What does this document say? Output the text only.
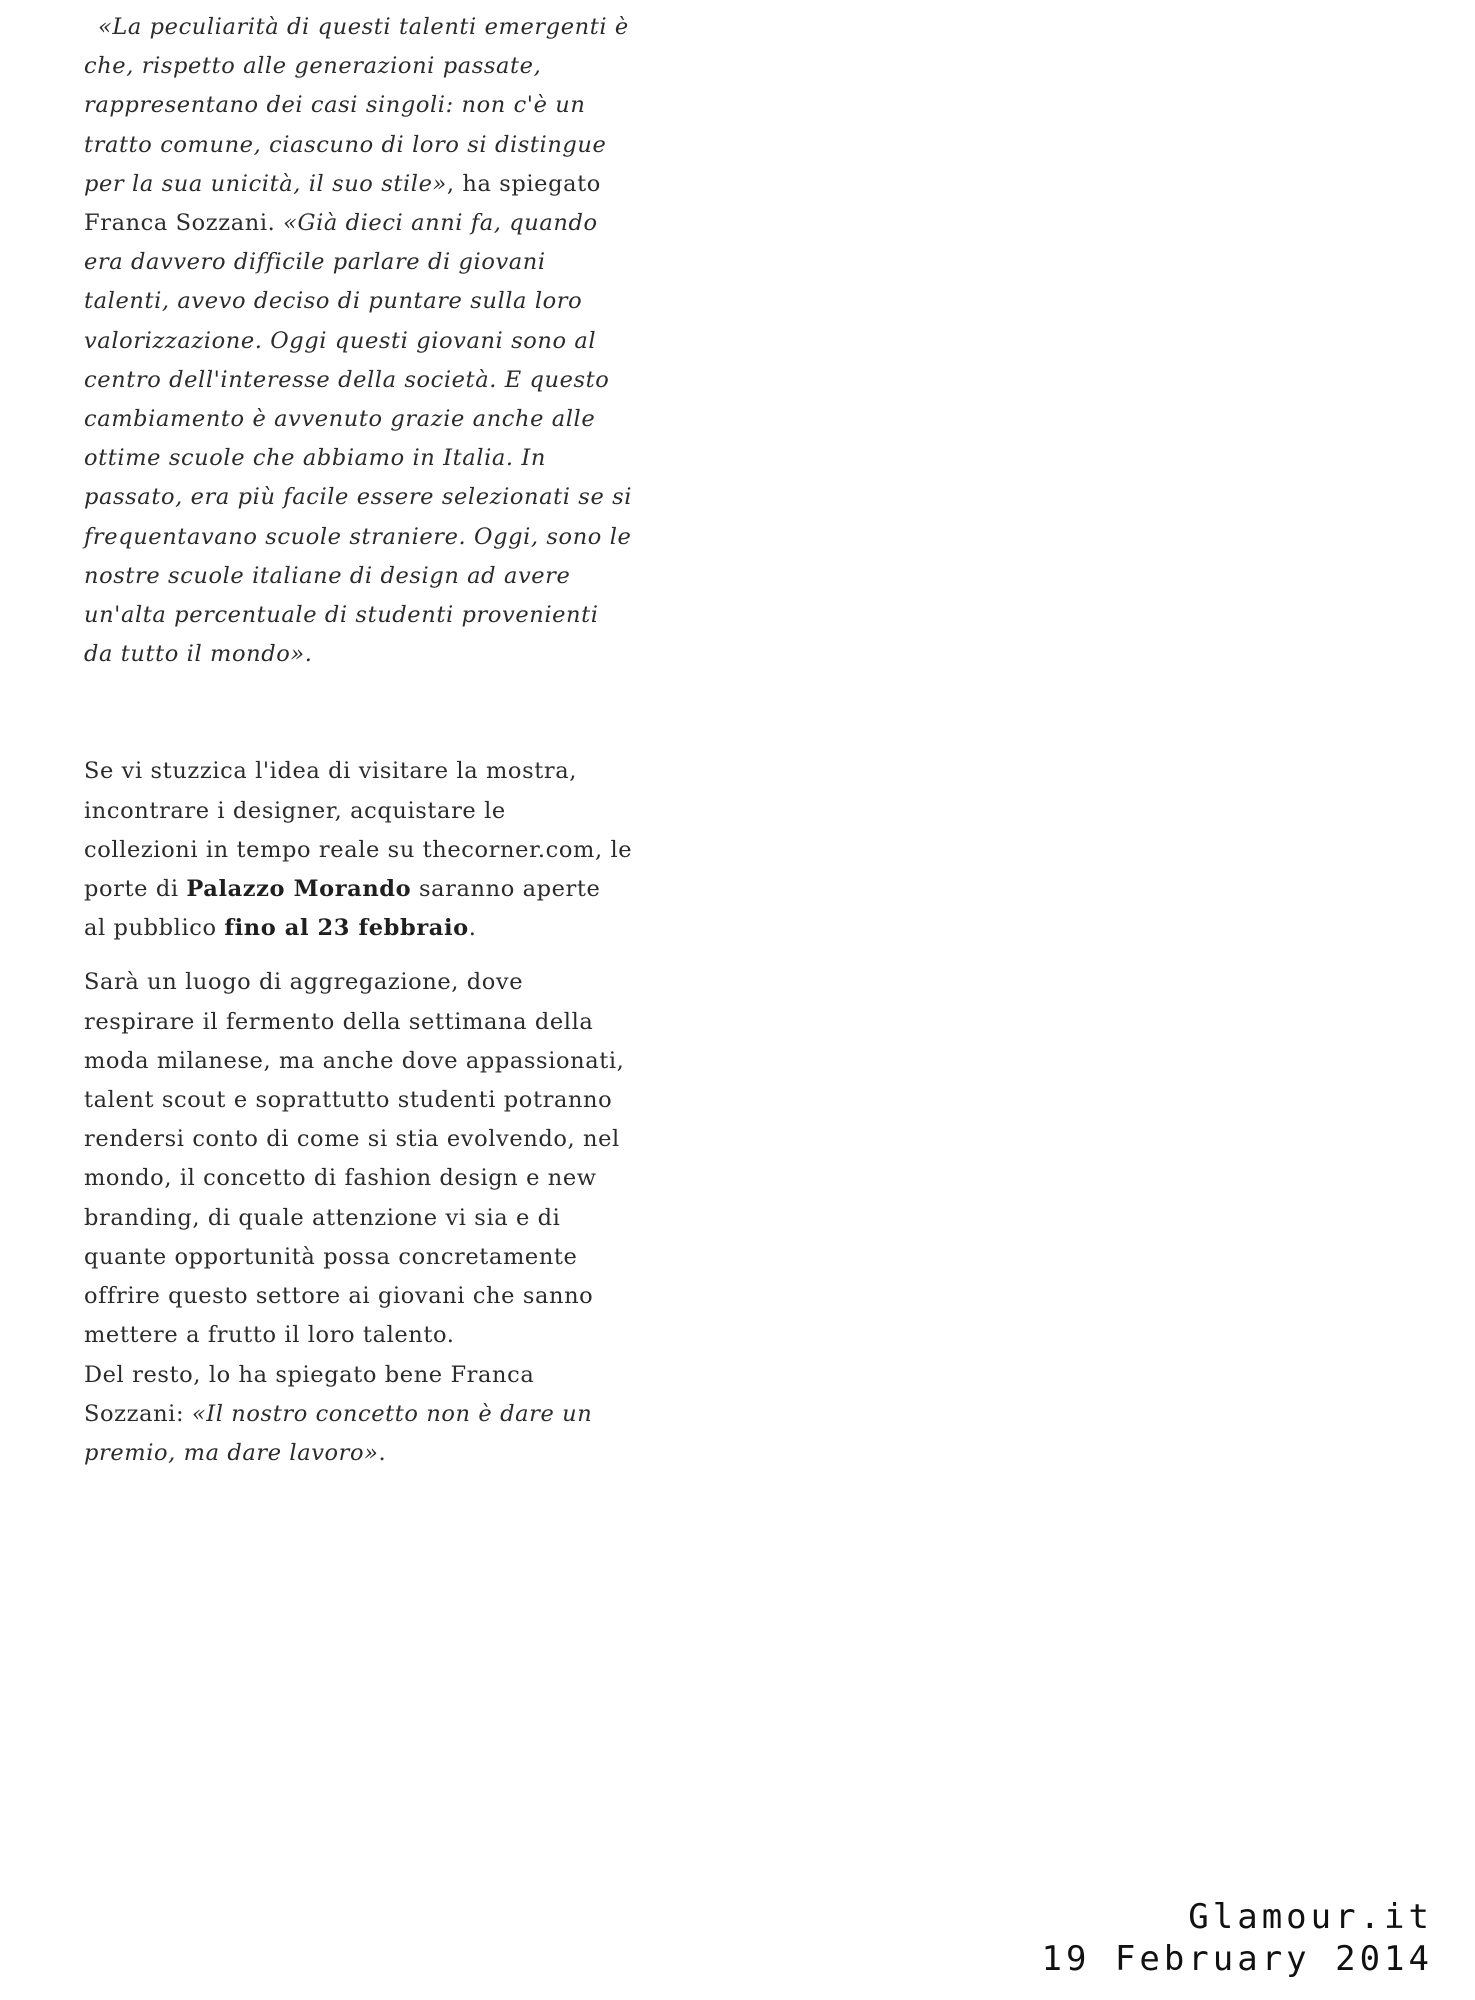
«La peculiarità di questi talenti emergenti è
che, rispetto alle generazioni passate,
rappresentano dei casi singoli: non c'è un
tratto comune, ciascuno di loro si distingue
per la sua unicità, il suo stile», ha spiegato
Franca Sozzani. «Già dieci anni fa, quando
era davvero difficile parlare di giovani
talenti, avevo deciso di puntare sulla loro
valorizzazione. Oggi questi giovani sono al
centro dell'interesse della società. E questo
cambiamento è avvenuto grazie anche alle
ottime scuole che abbiamo in Italia. In
passato, era più facile essere selezionati se si
frequentavano scuole straniere. Oggi, sono le
nostre scuole italiane di design ad avere
un'alta percentuale di studenti provenienti
da tutto il mondo».
Se vi stuzzica l'idea di visitare la mostra,
incontrare i designer, acquistare le
collezioni in tempo reale su thecorner.com, le
porte di Palazzo Morando saranno aperte
al pubblico fino al 23 febbraio.
Sarà un luogo di aggregazione, dove
respirare il fermento della settimana della
moda milanese, ma anche dove appassionati,
talent scout e soprattutto studenti potranno
rendersi conto di come si stia evolvendo, nel
mondo, il concetto di fashion design e new
branding, di quale attenzione vi sia e di
quante opportunità possa concretamente
offrire questo settore ai giovani che sanno
mettere a frutto il loro talento.
Del resto, lo ha spiegato bene Franca
Sozzani: «Il nostro concetto non è dare un
premio, ma dare lavoro».
Glamour.it
19 February 2014
